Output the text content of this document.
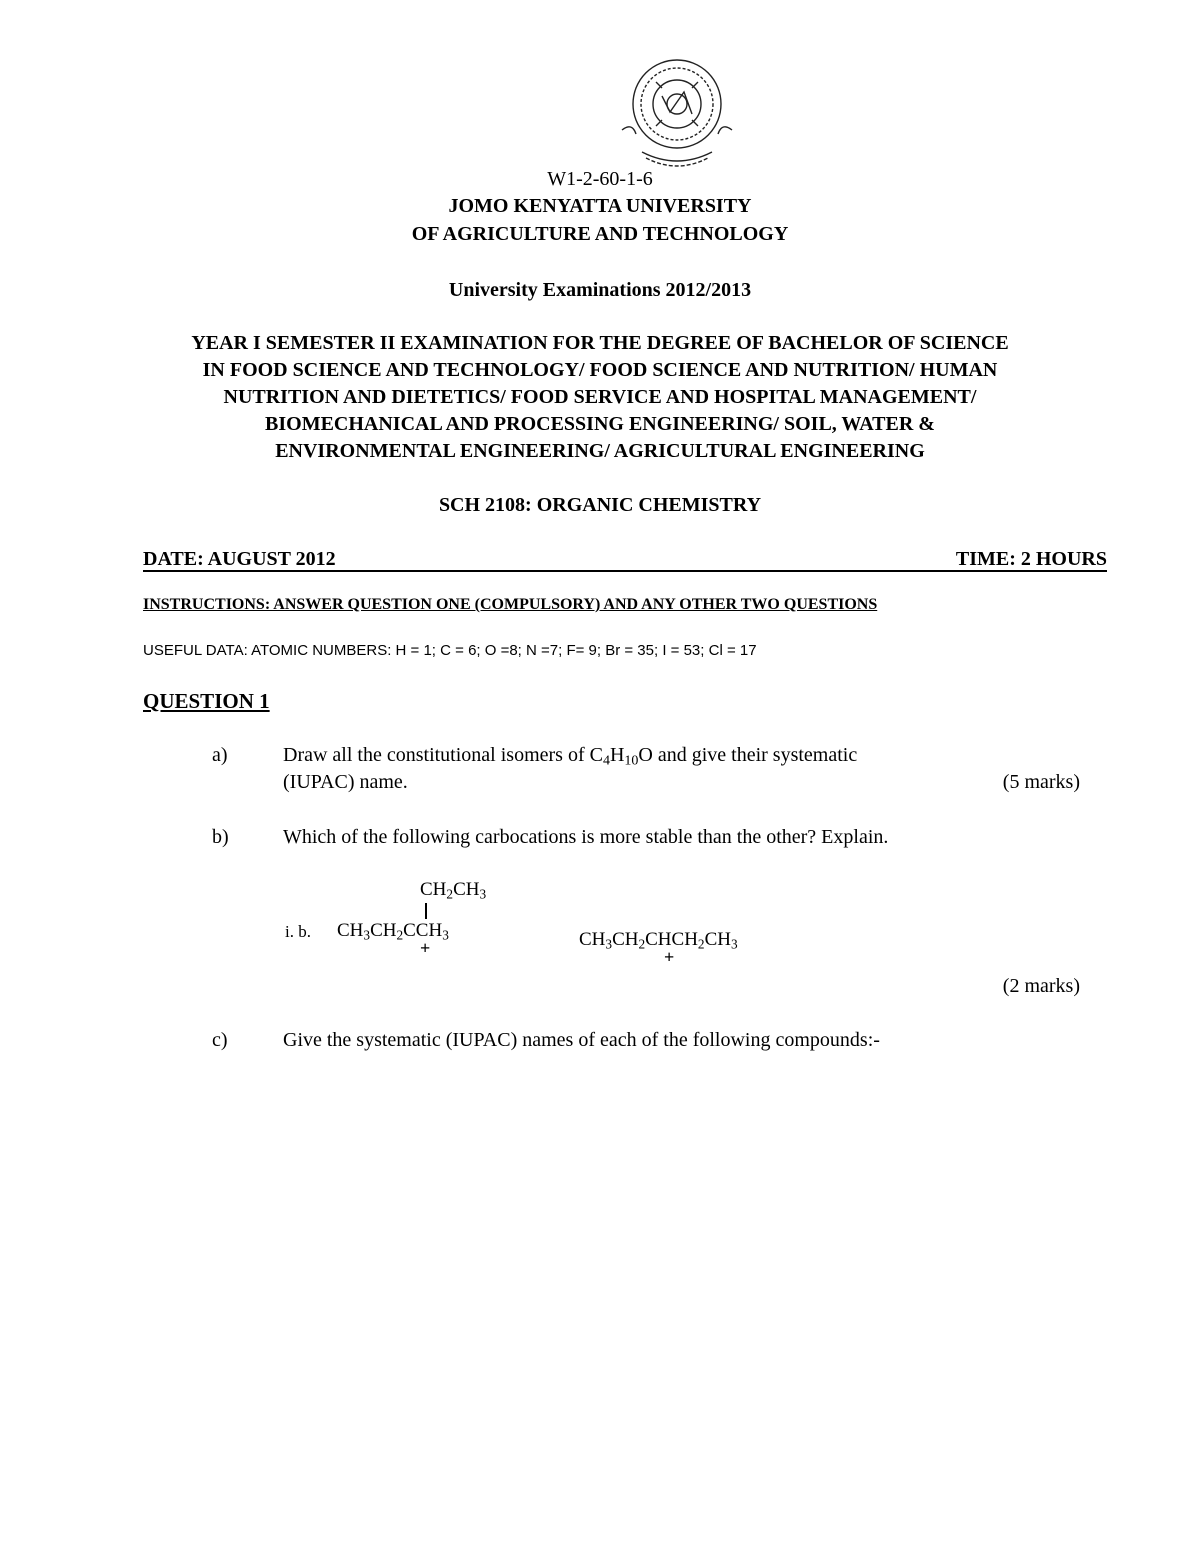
W1-2-60-1-6
JOMO KENYATTA UNIVERSITY
OF AGRICULTURE AND TECHNOLOGY
University Examinations 2012/2013
YEAR I SEMESTER II EXAMINATION FOR THE DEGREE OF BACHELOR OF SCIENCE
IN FOOD SCIENCE AND TECHNOLOGY/ FOOD SCIENCE AND NUTRITION/ HUMAN
NUTRITION AND DIETETICS/ FOOD SERVICE AND HOSPITAL MANAGEMENT/
BIOMECHANICAL AND PROCESSING ENGINEERING/ SOIL, WATER &
ENVIRONMENTAL ENGINEERING/ AGRICULTURAL ENGINEERING
SCH 2108: ORGANIC CHEMISTRY
DATE: AUGUST 2012	TIME: 2 HOURS
INSTRUCTIONS: ANSWER QUESTION ONE (COMPULSORY) AND ANY OTHER TWO QUESTIONS
USEFUL DATA: ATOMIC NUMBERS: H = 1; C = 6; O =8; N =7; F= 9; Br = 35; I = 53; Cl = 17
QUESTION 1
a)	Draw all the constitutional isomers of $C_4H_{10}O$ and give their systematic
(IUPAC) name.	(5 marks)
b)	Which of the following carbocations is more stable than the other? Explain.
$CH_2CH_3$
i. b. $CH_3CH_2CCH_3$
+	$CH_3CH_2CHCH_2CH_3$
+
(2 marks)
c)	Give the systematic (IUPAC) names of each of the following compounds:-
